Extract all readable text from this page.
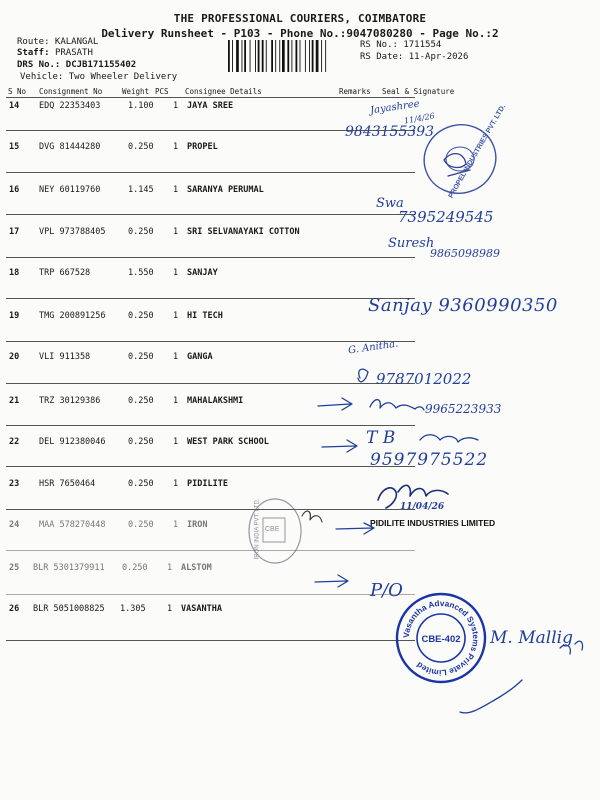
THE PROFESSIONAL COURIERS, COIMBATORE
Delivery Runsheet - P103 - Phone No.:9047080280 - Page No.:2
Route: KALANGAL
Staff: PRASATH
DRS No.: DCJB171155402
Vehicle: Two Wheeler Delivery
RS No.: 1711554
RS Date: 11-Apr-2026
S No Consignment No	Weight PCS Consignee Details	Remarks Seal & Signature
14 EDQ 22353403	1.100 1 JAYA SREE
15 DVG 81444280	0.250 1 PROPEL
16 NEY 60119760	1.145 1 SARANYA PERUMAL
17 VPL 973788405	0.250 1 SRI SELVANAYAKI COTTON
18 TRP 667528	1.550 1 SANJAY
19 TMG 200891256	0.250 1 HI TECH
20 VLI 911358	0.250 1 GANGA
21 TRZ 30129386	0.250 1 MAHALAKSHMI
22 DEL 912380046	0.250 1 WEST PARK SCHOOL
23 HSR 7650464	0.250 1 PIDILITE
24 MAA 578270448	0.250 1 IRON
25 BLR 5301379911 0.250 1 ALSTOM
26 BLR 5051008825 1.305	1 VASANTHA
PROPEL INDUSTRIES PVT. LTD.
CBE
IRON INDIA PVT. LTD.	PIDILITE INDUSTRIES LIMITED
Vasantha Advanced Systems Private Limited
CBE-402
Jayashree
11/4/26
9843155393
Swa
7395249545
Suresh
9865098989
Sanjay 9360990350
G. Anitha.
9787012022
9965223933
T B
9597975522
11/04/26
P/O
M. Mallig
